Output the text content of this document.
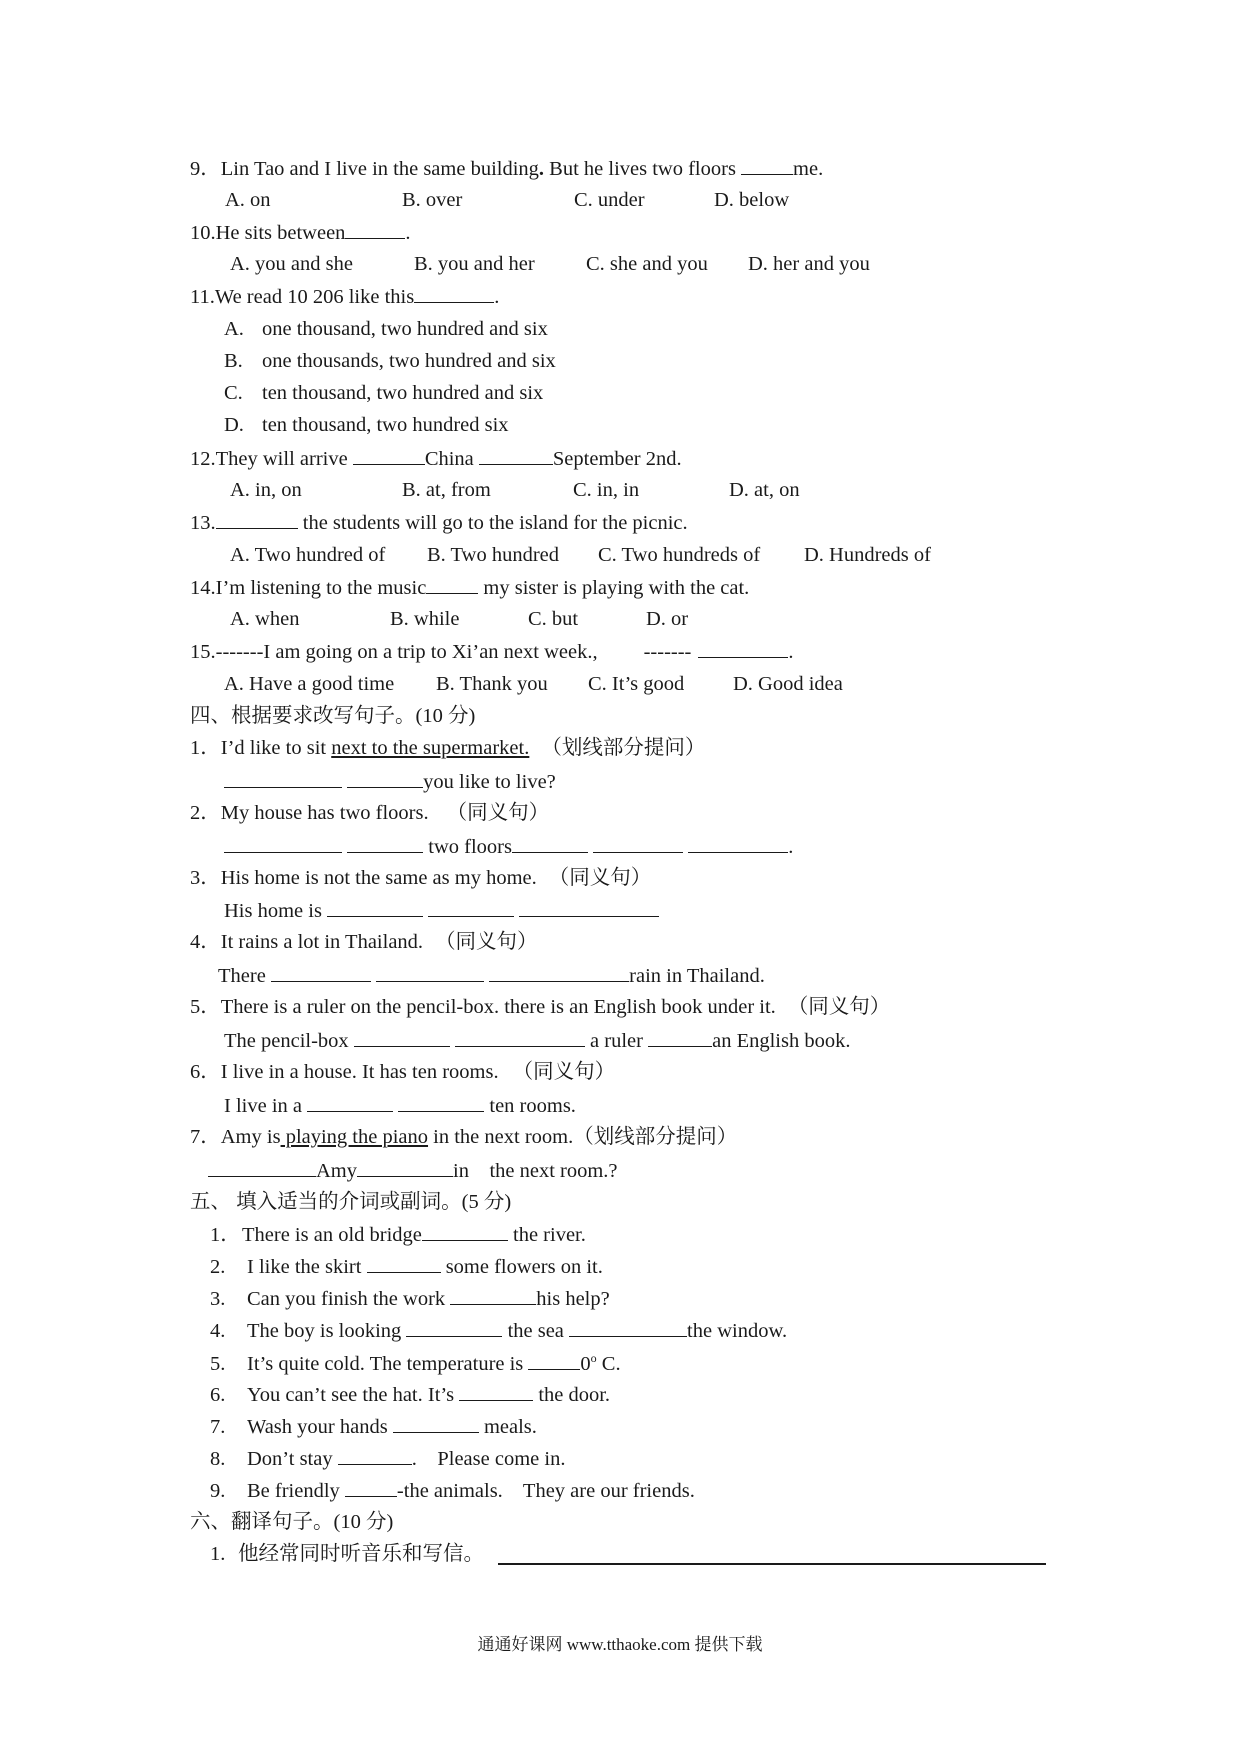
9．Lin Tao and I live in the same building. But he lives two floors	me.
A. on	B. over	C. under	D. below
10.He sits between	.
A. you and she	B. you and her	C. she and you D. her and you
11.We read 10 206 like this	.
A. one thousand, two hundred and six
B. one thousands, two hundred and six
C. ten thousand, two hundred and six
D. ten thousand, two hundred six
12.They will arrive	China	September 2nd.
A. in, on	B. at, from	C. in, in	D. at, on
13.	the students will go to the island for the picnic.
A. Two hundred of B. Two hundred C. Two hundreds of D. Hundreds of
14.I’m listening to the music	my sister is playing with the cat.
A. when	B. while	C. but	D. or
15.-------I am going on a trip to Xi’an next week., -------	.
A. Have a good time B. Thank you C. It’s good D. Good idea
四、根据要求改写句子。(10 分)
1．I’d like to sit next to the supermarket. （划线部分提问）
you like to live?
2．My house has two floors. （同义句）
two floors	.
3．His home is not the same as my home. （同义句）
His home is
4．It rains a lot in Thailand. （同义句）
There	rain in Thailand.
5．There is a ruler on the pencil-box. there is an English book under it. （同义句）
The pencil-box	a ruler	an English book.
6．I live in a house. It has ten rooms. （同义句）
I live in a	ten rooms.
7．Amy is playing the piano in the next room.（划线部分提问）
Amy	in    the next room.?
五、 填入适当的介词或副词。(5 分)
1．There is an old bridge	the river.
2. I like the skirt	some flowers on it.
3. Can you finish the work	his help?
4. The boy is looking	the sea	the window.
5. It’s quite cold. The temperature is	0$^o$ C.
6. You can’t see the hat. It’s	the door.
7. Wash your hands	meals.
8. Don’t stay	.    Please come in.
9. Be friendly	-the animals.    They are our friends.
六、翻译句子。(10 分)
1. 他经常同时听音乐和写信。
通通好课网 www.tthaoke.com 提供下载
